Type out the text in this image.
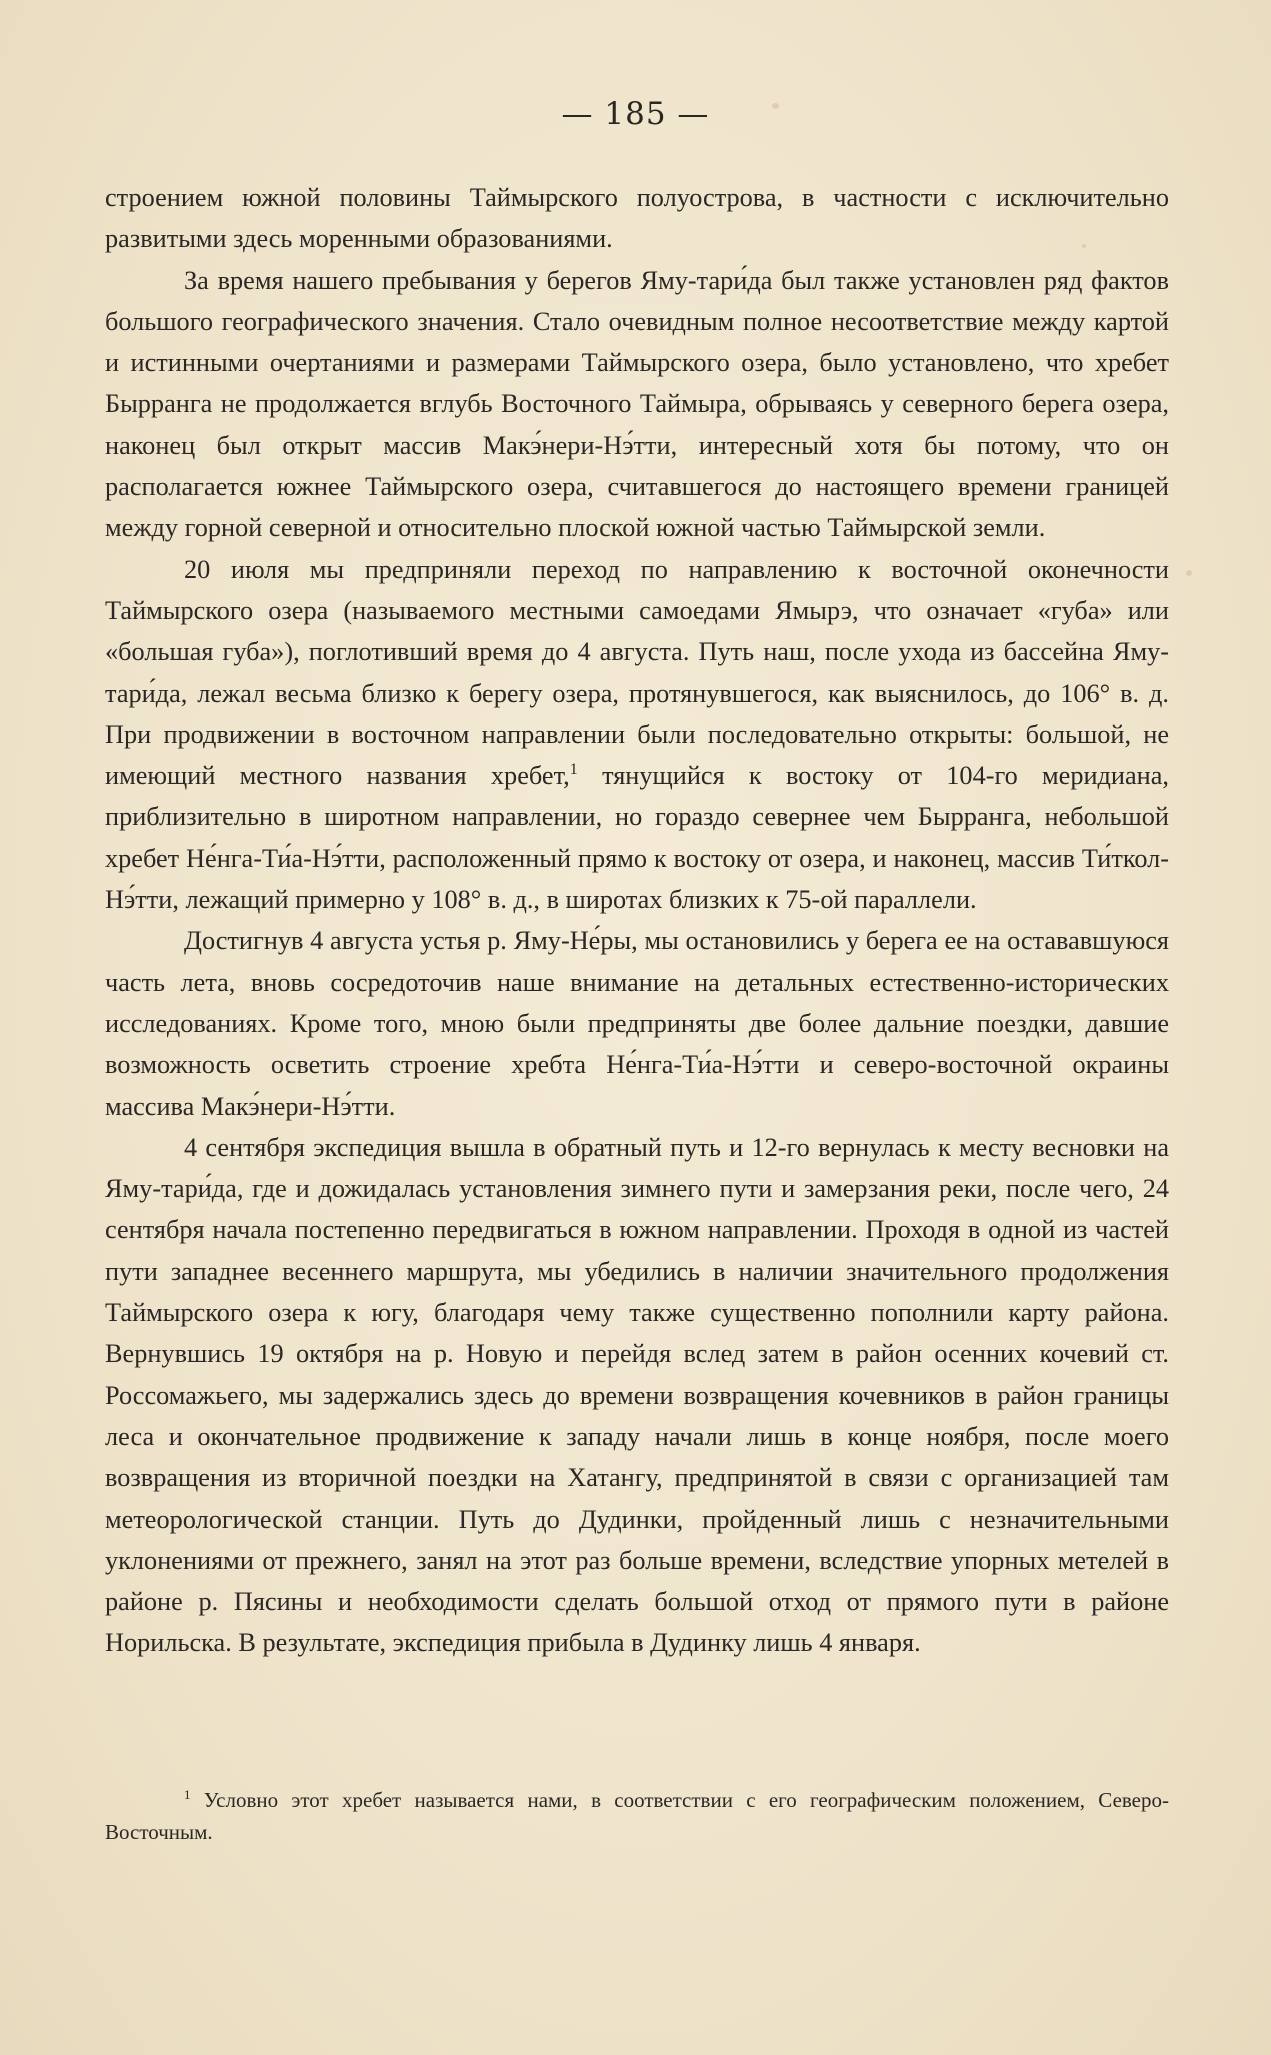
— 185 —

строением южной половины Таймырского полуострова, в частности с исключительно развитыми здесь моренными образованиями.

За время нашего пребывания у берегов Яму-тари́да был также установлен ряд фактов большого географического значения. Стало очевидным полное несоответствие между картой и истинными очертаниями и размерами Таймырского озера, было установлено, что хребет Бырранга не продолжается вглубь Восточного Таймыра, обрываясь у северного берега озера, наконец был открыт массив Макэ́нери-Нэ́тти, интересный хотя бы потому, что он располагается южнее Таймырского озера, считавшегося до настоящего времени границей между горной северной и относительно плоской южной частью Таймырской земли.

20 июля мы предприняли переход по направлению к восточной оконечности Таймырского озера (называемого местными самоедами Ямырэ, что означает «губа» или «большая губа»), поглотивший время до 4 августа. Путь наш, после ухода из бассейна Яму-тари́да, лежал весьма близко к берегу озера, протянувшегося, как выяснилось, до 106° в. д. При продвижении в восточном направлении были последовательно открыты: большой, не имеющий местного названия хребет,$^1$ тянущийся к востоку от 104-го меридиана, приблизительно в широтном направлении, но гораздо севернее чем Бырранга, небольшой хребет Не́нга-Ти́а-Нэ́тти, расположенный прямо к востоку от озера, и наконец, массив Ти́ткол-Нэ́тти, лежащий примерно у 108° в. д., в широтах близких к 75-ой параллели.

Достигнув 4 августа устья р. Яму-Не́ры, мы остановились у берега ее на остававшуюся часть лета, вновь сосредоточив наше внимание на детальных естественно-исторических исследованиях. Кроме того, мною были предприняты две более дальние поездки, давшие возможность осветить строение хребта Не́нга-Ти́а-Нэ́тти и северо-восточной окраины массива Макэ́нери-Нэ́тти.

4 сентября экспедиция вышла в обратный путь и 12-го вернулась к месту весновки на Яму-тари́да, где и дожидалась установления зимнего пути и замерзания реки, после чего, 24 сентября начала постепенно передвигаться в южном направлении. Проходя в одной из частей пути западнее весеннего маршрута, мы убедились в наличии значительного продолжения Таймырского озера к югу, благодаря чему также существенно пополнили карту района. Вернувшись 19 октября на р. Новую и перейдя вслед затем в район осенних кочевий ст. Россомажьего, мы задержались здесь до времени возвращения кочевников в район границы леса и окончательное продвижение к западу начали лишь в конце ноября, после моего возвращения из вторичной поездки на Хатангу, предпринятой в связи с организацией там метеорологической станции. Путь до Дудинки, пройденный лишь с незначительными уклонениями от прежнего, занял на этот раз больше времени, вследствие упорных метелей в районе р. Пясины и необходимости сделать большой отход от прямого пути в районе Норильска. В результате, экспедиция прибыла в Дудинку лишь 4 января.

$^1$ Условно этот хребет называется нами, в соответствии с его географическим положением, Северо-Восточным.
